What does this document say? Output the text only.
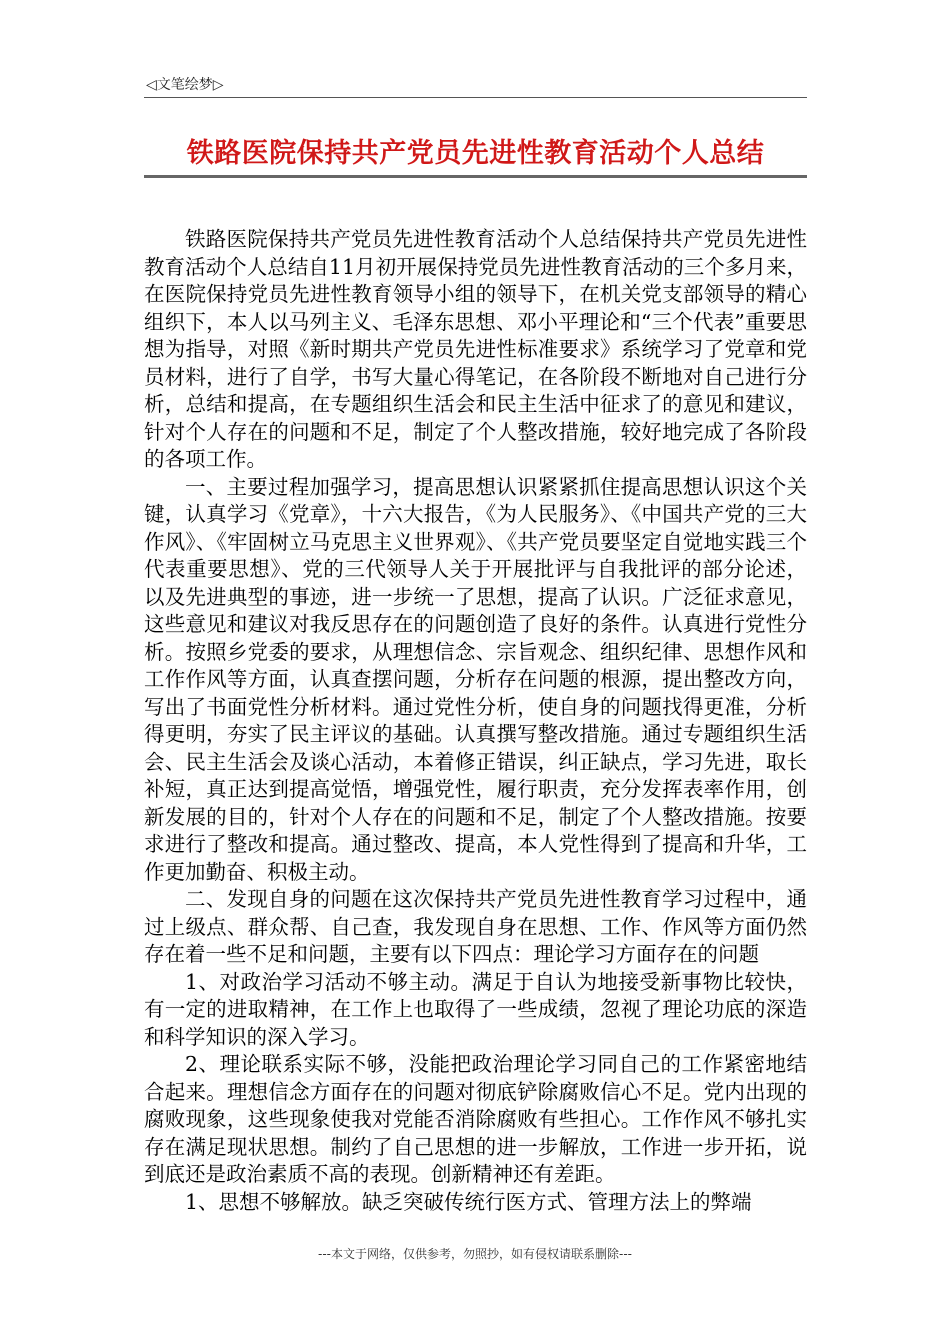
◁文笔绘梦▷
铁路医院保持共产党员先进性教育活动个人总结

铁路医院保持共产党员先进性教育活动个人总结保持共产党员先进性教育活动个人总结自11月初开展保持党员先进性教育活动的三个多月来，在医院保持党员先进性教育领导小组的领导下，在机关党支部领导的精心组织下，本人以马列主义、毛泽东思想、邓小平理论和“三个代表”重要思想为指导，对照《新时期共产党员先进性标准要求》系统学习了党章和党员材料，进行了自学，书写大量心得笔记，在各阶段不断地对自己进行分析，总结和提高，在专题组织生活会和民主生活中征求了的意见和建议，针对个人存在的问题和不足，制定了个人整改措施，较好地完成了各阶段的各项工作。

一、主要过程加强学习，提高思想认识紧紧抓住提高思想认识这个关键，认真学习《党章》，十六大报告，《为人民服务》、《中国共产党的三大作风》、《牢固树立马克思主义世界观》、《共产党员要坚定自觉地实践三个代表重要思想》、党的三代领导人关于开展批评与自我批评的部分论述，以及先进典型的事迹，进一步统一了思想，提高了认识。广泛征求意见，这些意见和建议对我反思存在的问题创造了良好的条件。认真进行党性分析。按照乡党委的要求，从理想信念、宗旨观念、组织纪律、思想作风和工作作风等方面，认真查摆问题，分析存在问题的根源，提出整改方向，写出了书面党性分析材料。通过党性分析，使自身的问题找得更准，分析得更明，夯实了民主评议的基础。认真撰写整改措施。通过专题组织生活会、民主生活会及谈心活动，本着修正错误，纠正缺点，学习先进，取长补短，真正达到提高觉悟，增强党性，履行职责，充分发挥表率作用，创新发展的目的，针对个人存在的问题和不足，制定了个人整改措施。按要求进行了整改和提高。通过整改、提高，本人党性得到了提高和升华，工作更加勤奋、积极主动。

二、发现自身的问题在这次保持共产党员先进性教育学习过程中，通过上级点、群众帮、自己查，我发现自身在思想、工作、作风等方面仍然存在着一些不足和问题，主要有以下四点：理论学习方面存在的问题

1、对政治学习活动不够主动。满足于自认为地接受新事物比较快，有一定的进取精神，在工作上也取得了一些成绩，忽视了理论功底的深造和科学知识的深入学习。

2、理论联系实际不够，没能把政治理论学习同自己的工作紧密地结合起来。理想信念方面存在的问题对彻底铲除腐败信心不足。党内出现的腐败现象，这些现象使我对党能否消除腐败有些担心。工作作风不够扎实存在满足现状思想。制约了自己思想的进一步解放，工作进一步开拓，说到底还是政治素质不高的表现。创新精神还有差距。

1、思想不够解放。缺乏突破传统行医方式、管理方法上的弊端

---本文于网络，仅供参考，勿照抄，如有侵权请联系删除---
